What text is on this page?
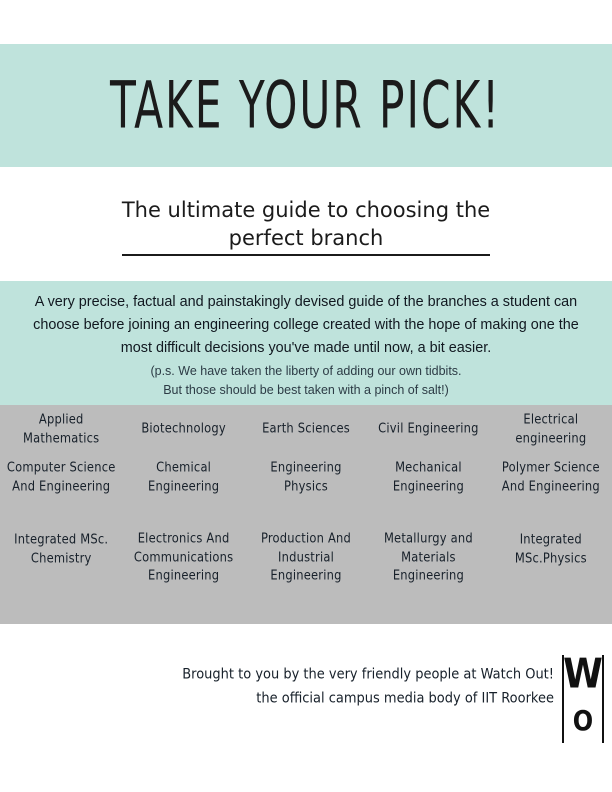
TAKE YOUR PICK!
The ultimate guide to choosing the
perfect branch
A very precise, factual and painstakingly devised guide of the branches a student can choose before joining an engineering college created with the hope of making one the most difficult decisions you've made until now, a bit easier.
(p.s. We have taken the liberty of adding our own tidbits.
But those should be best taken with a pinch of salt!)
Applied Mathematics
Biotechnology	Earth Sciences Civil Engineering
Electrical engineering
Computer Science And Engineering
Chemical Engineering
Engineering Physics
Mechanical Engineering
Polymer Science And Engineering
Integrated MSc. Chemistry
Electronics And Communications Engineering
Production And Industrial Engineering
Metallurgy and Materials Engineering
Integrated MSc.Physics
Brought to you by the very friendly people at Watch Out!
the official campus media body of IIT Roorkee
W
O
